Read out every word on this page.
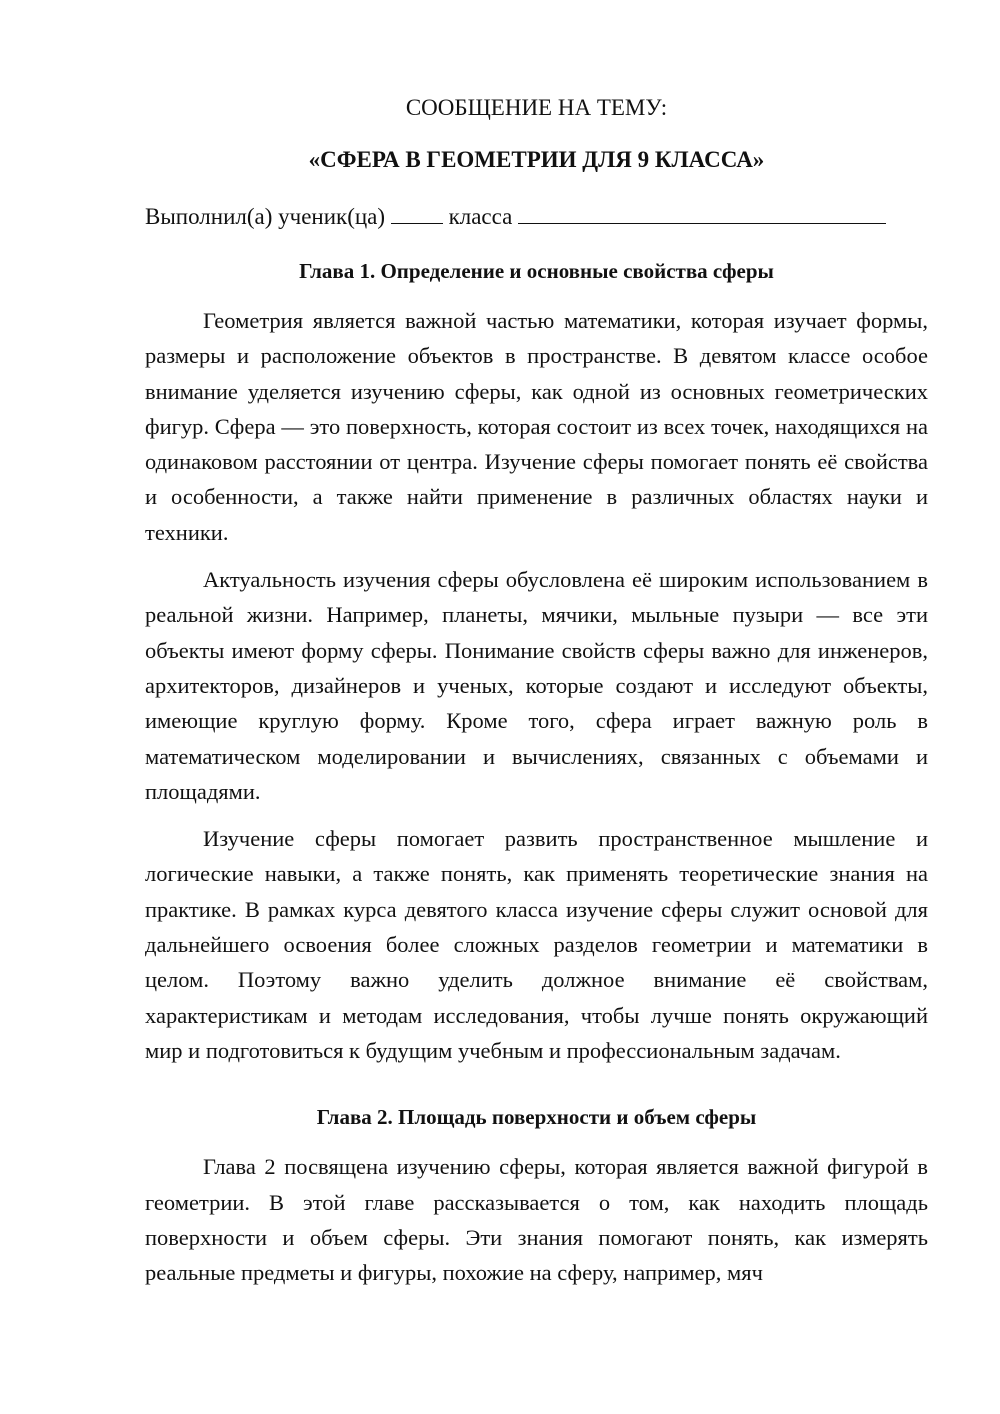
СООБЩЕНИЕ НА ТЕМУ:

«СФЕРА В ГЕОМЕТРИИ ДЛЯ 9 КЛАССА»

Выполнил(а) ученик(ца)	класса
Глава 1. Определение и основные свойства сферы

Геометрия является важной частью математики, которая изучает формы, размеры и расположение объектов в пространстве. В девятом классе особое внимание уделяется изучению сферы, как одной из основных геометрических фигур. Сфера — это поверхность, которая состоит из всех точек, находящихся на одинаковом расстоянии от центра. Изучение сферы помогает понять её свойства и особенности, а также найти применение в различных областях науки и техники.

Актуальность изучения сферы обусловлена её широким использованием в реальной жизни. Например, планеты, мячики, мыльные пузыри — все эти объекты имеют форму сферы. Понимание свойств сферы важно для инженеров, архитекторов, дизайнеров и ученых, которые создают и исследуют объекты, имеющие круглую форму. Кроме того, сфера играет важную роль в математическом моделировании и вычислениях, связанных с объемами и площадями.

Изучение сферы помогает развить пространственное мышление и логические навыки, а также понять, как применять теоретические знания на практике. В рамках курса девятого класса изучение сферы служит основой для дальнейшего освоения более сложных разделов геометрии и математики в целом. Поэтому важно уделить должное внимание её свойствам, характеристикам и методам исследования, чтобы лучше понять окружающий мир и подготовиться к будущим учебным и профессиональным задачам.

Глава 2. Площадь поверхности и объем сферы

Глава 2 посвящена изучению сферы, которая является важной фигурой в геометрии. В этой главе рассказывается о том, как находить площадь поверхности и объем сферы. Эти знания помогают понять, как измерять реальные предметы и фигуры, похожие на сферу, например, мяч
